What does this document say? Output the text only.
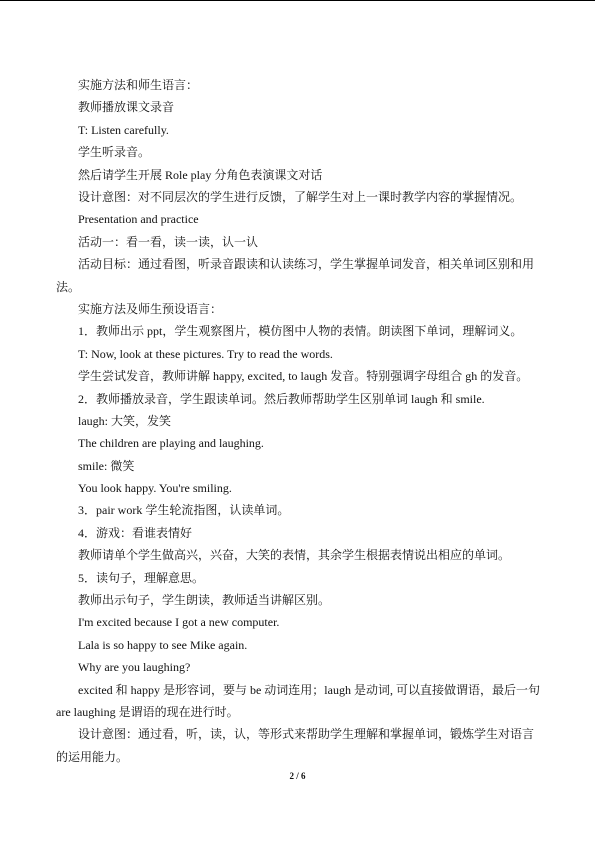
实施方法和师生语言：
教师播放课文录音
T: Listen carefully.
学生听录音。
然后请学生开展 Role play 分角色表演课文对话
设计意图：对不同层次的学生进行反馈，了解学生对上一课时教学内容的掌握情况。
Presentation and practice
活动一：看一看，读一读，认一认
活动目标：通过看图，听录音跟读和认读练习，学生掌握单词发音，相关单词区别和用法。
实施方法及师生预设语言：
1．教师出示 ppt，学生观察图片，模仿图中人物的表情。朗读图下单词，理解词义。
T: Now, look at these pictures. Try to read the words.
学生尝试发音，教师讲解 happy, excited, to laugh 发音。特别强调字母组合 gh 的发音。
2．教师播放录音，学生跟读单词。然后教师帮助学生区别单词 laugh 和 smile.
laugh: 大笑，发笑
The children are playing and laughing.
smile: 微笑
You look happy. You're smiling.
3．pair work 学生轮流指图，认读单词。
4．游戏：看谁表情好
教师请单个学生做高兴，兴奋，大笑的表情，其余学生根据表情说出相应的单词。
5．读句子，理解意思。
教师出示句子，学生朗读，教师适当讲解区别。
I'm excited because I got a new computer.
Lala is so happy to see Mike again.
Why are you laughing?
excited 和 happy 是形容词，要与 be 动词连用；laugh 是动词, 可以直接做谓语，最后一句 are laughing 是谓语的现在进行时。
设计意图：通过看，听，读，认，等形式来帮助学生理解和掌握单词，锻炼学生对语言的运用能力。
2 / 6
